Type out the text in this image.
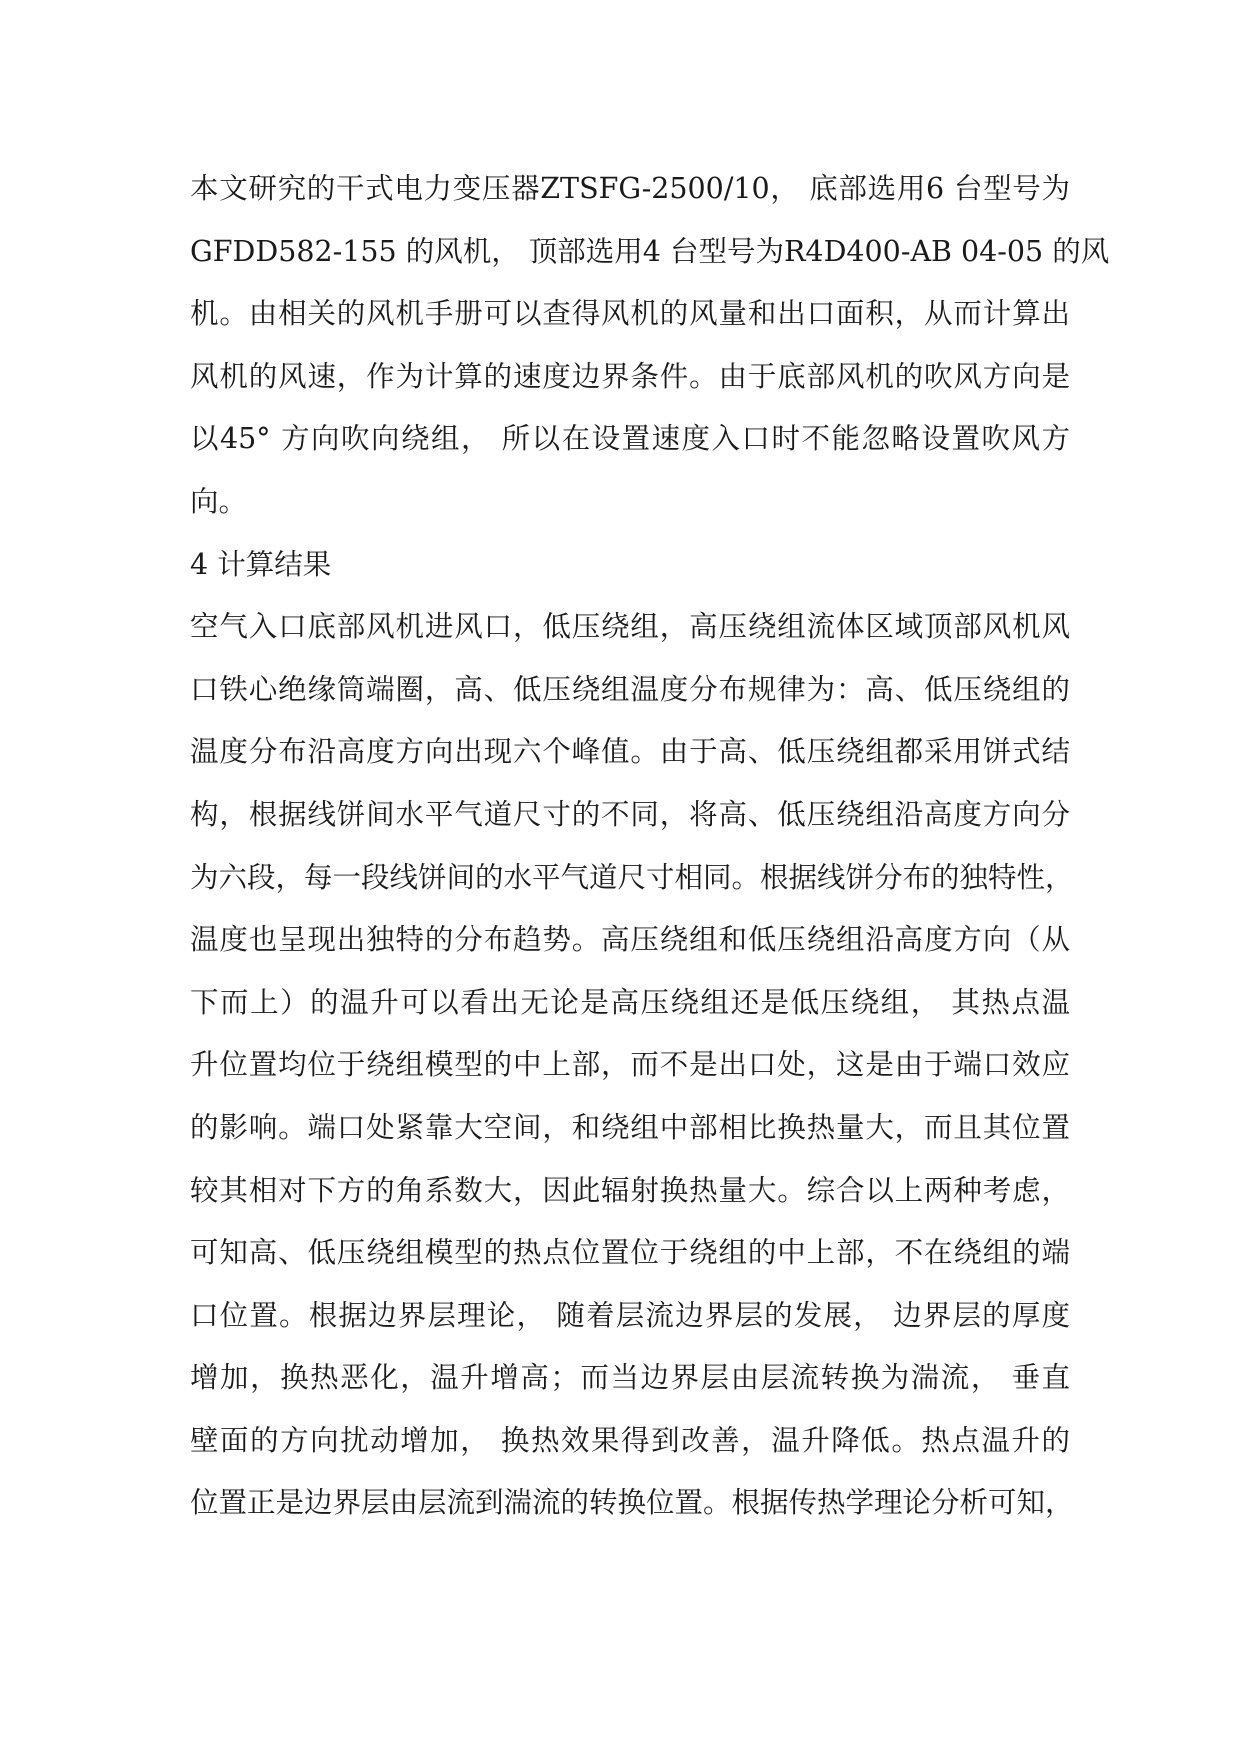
本文研究的干式电力变压器ZTSFG-2500/10， 底部选用6 台型号为
GFDD582-155 的风机， 顶部选用4 台型号为R4D400-AB 04-05 的风
机。由相关的风机手册可以查得风机的风量和出口面积，从而计算出
风机的风速，作为计算的速度边界条件。由于底部风机的吹风方向是
以45° 方向吹向绕组， 所以在设置速度入口时不能忽略设置吹风方
向。
4 计算结果
空气入口底部风机进风口，低压绕组，高压绕组流体区域顶部风机风
口铁心绝缘筒端圈，高、低压绕组温度分布规律为：高、低压绕组的
温度分布沿高度方向出现六个峰值。由于高、低压绕组都采用饼式结
构，根据线饼间水平气道尺寸的不同，将高、低压绕组沿高度方向分
为六段，每一段线饼间的水平气道尺寸相同。根据线饼分布的独特性，
温度也呈现出独特的分布趋势。高压绕组和低压绕组沿高度方向（从
下而上）的温升可以看出无论是高压绕组还是低压绕组， 其热点温
升位置均位于绕组模型的中上部，而不是出口处，这是由于端口效应
的影响。端口处紧靠大空间，和绕组中部相比换热量大，而且其位置
较其相对下方的角系数大，因此辐射换热量大。综合以上两种考虑，
可知高、低压绕组模型的热点位置位于绕组的中上部，不在绕组的端
口位置。根据边界层理论， 随着层流边界层的发展， 边界层的厚度
增加，换热恶化，温升增高；而当边界层由层流转换为湍流， 垂直
壁面的方向扰动增加， 换热效果得到改善，温升降低。热点温升的
位置正是边界层由层流到湍流的转换位置。根据传热学理论分析可知，
